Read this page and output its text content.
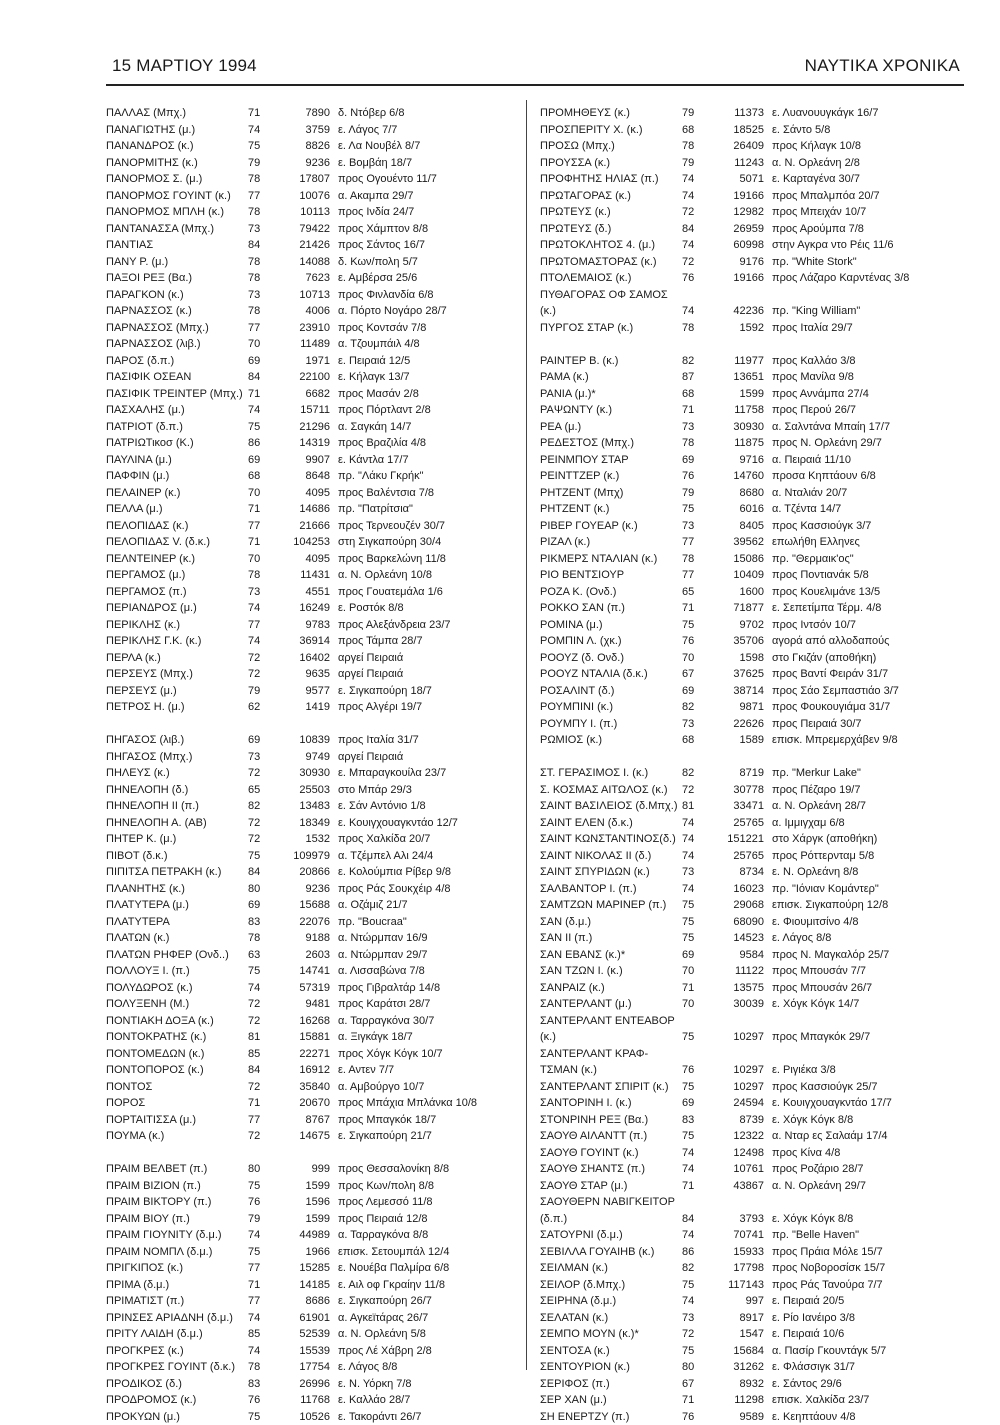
15 ΜΑΡΤΙΟΥ 1994	ΝΑΥΤΙΚΑ ΧΡΟΝΙΚΑ
ΠΑΛΛΑΣ (Μπχ.)	71	7890 δ. Ντόβερ 6/8
ΠΑΝΑΓΙΩΤΗΣ (μ.)	74	3759 ε. Λάγος 7/7
ΠΑΝΑΝΔΡΟΣ (κ.)	75	8826 ε. Λα Νουβέλ 8/7
ΠΑΝΟΡΜΙΤΗΣ (κ.)	79	9236 ε. Βομβάη 18/7
ΠΑΝΟΡΜΟΣ Σ. (μ.)	78	17807 προς Ογουέντο 11/7
ΠΑΝΟΡΜΟΣ ΓΟΥΙΝΤ (κ.) 77	10076 α. Ακαμπα 29/7
ΠΑΝΟΡΜΟΣ ΜΠΛΗ (κ.) 78	10113 προς Ινδία 24/7
ΠΑΝΤΑΝΑΣΣΑ (Μπχ.)	73	79422 προς Χάμπτον 8/8
ΠΑΝΤΙΑΣ	84	21426 προς Σάντος 16/7
ΠΑΝΥ Ρ. (μ.)	78	14088 δ. Κων/πολη 5/7
ΠΑΞΟΙ ΡΕΞ (Βα.)	78	7623 ε. Αμβέρσα 25/6
ΠΑΡΑΓΚΟΝ (κ.)	73	10713 προς Φινλανδία 6/8
ΠΑΡΝΑΣΣΟΣ (κ.)	78	4006 α. Πόρτο Νογάρο 28/7
ΠΑΡΝΑΣΣΟΣ (Μπχ.)	77	23910 προς Κοντσάν 7/8
ΠΑΡΝΑΣΣΟΣ (λιβ.)	70	11489 α. Τζουμπάιλ 4/8
ΠΑΡΟΣ (δ.π.)	69	1971 ε. Πειραιά 12/5
ΠΑΣΙΦΙΚ ΟΣΕΑΝ	84	22100 ε. Κήλαγκ 13/7
ΠΑΣΙΦΙΚ ΤΡΕΙΝΤΕΡ (Μπχ.) 71	6682 προς Μασάν 2/8
ΠΑΣΧΑΛΗΣ (μ.)	74	15711 προς Πόρτλαντ 2/8
ΠΑΤΡΙΟΤ (δ.π.)	75	21296 α. Σαγκάη 14/7
ΠΑΤΡΙΩΤικοσ (Κ.)	86	14319 προς Βραζιλία 4/8
ΠΑΥΛΙΝΑ (μ.)	69	9907 ε. Κάντλα 17/7
ΠΑΦΦΙΝ (μ.)	68	8648 πρ. "Λάκυ Γκρήκ"
ΠΕΛΑΙΝΕΡ (κ.)	70	4095 προς Βαλέντσια 7/8
ΠΕΛΛΑ (μ.)	71	14686 πρ. "Πατρίτσια"
ΠΕΛΟΠΙΔΑΣ (κ.)	77	21666 προς Τερνεουζέν 30/7
ΠΕΛΟΠΙΔΑΣ V. (δ.κ.)	71	104253 στη Σιγκαπούρη 30/4
ΠΕΛΝΤΕΙΝΕΡ (κ.)	70	4095 προς Βαρκελώνη 11/8
ΠΕΡΓΑΜΟΣ (μ.)	78	11431 α. Ν. Ορλεάνη 10/8
ΠΕΡΓΑΜΟΣ (π.)	73	4551 προς Γουατεμάλα 1/6
ΠΕΡΙΑΝΔΡΟΣ (μ.)	74	16249 ε. Ροστόκ 8/8
ΠΕΡΙΚΛΗΣ (κ.)	77	9783 προς Αλεξάνδρεια 23/7
ΠΕΡΙΚΛΗΣ Γ.Κ. (κ.)	74	36914 προς Τάμπα 28/7
ΠΕΡΛΑ (κ.)	72	16402 αργεί Πειραιά
ΠΕΡΣΕΥΣ (Μπχ.)	72	9635 αργεί Πειραιά
ΠΕΡΣΕΥΣ (μ.)	79	9577 ε. Σιγκαπούρη 18/7
ΠΕΤΡΟΣ Η. (μ.)	62	1419 προς Αλγέρι 19/7
ΠΗΓΑΣΟΣ (λιβ.)	69	10839 προς Ιταλία 31/7
ΠΗΓΑΣΟΣ (Μπχ.)	73	9749 αργεί Πειραιά
ΠΗΛΕΥΣ (κ.)	72	30930 ε. Μπαραγκουίλα 23/7
ΠΗΝΕΛΟΠΗ (δ.)	65	25503 στο Μπάρ 29/3
ΠΗΝΕΛΟΠΗ II (π.)	82	13483 ε. Σάν Αντόνιο 1/8
ΠΗΝΕΛΟΠΗ Α. (ΑΒ)	72	18349 ε. Κουιγχουαγκντάο 12/7
ΠΗΤΕΡ Κ. (μ.)	72	1532 προς Χαλκίδα 20/7
ΠΙΒΟΤ (δ.κ.)	75	109979 α. Τζέμπελ Αλι 24/4
ΠΙΠΙΤΣΑ ΠΕΤΡΑΚΗ (κ.) 84	20866 ε. Κολούμπια Ρίβερ 9/8
ΠΛΑΝΗΤΗΣ (κ.)	80	9236 προς Ράς Σουκχέιρ 4/8
ΠΛΑΤΥΤΕΡΑ (μ.)	69	15688 α. Οζάμιζ 21/7
ΠΛΑΤΥΤΕΡΑ	83	22076 πρ. "Boucraa"
ΠΛΑΤΩΝ (κ.)	78	9188 α. Ντώρμπαν 16/9
ΠΛΑΤΩΝ ΡΗΦΕΡ (Ονδ..) 63	2603 α. Ντώρμπαν 29/7
ΠΟΛΛΟΥΞ Ι. (π.)	75	14741 α. Λισσαβώνα 7/8
ΠΟΛΥΔΩΡΟΣ (κ.)	74	57319 προς Γιβραλτάρ 14/8
ΠΟΛΥΞΕΝΗ (Μ.)	72	9481 προς Καράτσι 28/7
ΠΟΝΤΙΑΚΗ ΔΟΞΑ (κ.)	72	16268 α. Ταρραγκόνα 30/7
ΠΟΝΤΟΚΡΑΤΗΣ (κ.)	81	15881 α. Ξιγκάγκ 18/7
ΠΟΝΤΟΜΕΔΩΝ (κ.)	85	22271 προς Χόγκ Κόγκ 10/7
ΠΟΝΤΟΠΟΡΟΣ (κ.)	84	16912 ε. Αντεν 7/7
ΠΟΝΤΟΣ	72	35840 α. Αμβούργο 10/7
ΠΟΡΟΣ	71	20670 προς Μπάχια Μπλάνκα 10/8
ΠΟΡΤΑΙΤΙΣΣΑ (μ.)	77	8767 προς Μπαγκόκ 18/7
ΠΟΥΜΑ (κ.)	72	14675 ε. Σιγκαπούρη 21/7
ΠΡΑΙΜ ΒΕΛΒΕΤ (π.)	80	999 προς Θεσσαλονίκη 8/8
ΠΡΑΙΜ ΒΙΖΙΟΝ (π.)	75	1599 προς Κων/πολη 8/8
ΠΡΑΙΜ ΒΙΚΤΟΡΥ (π.)	76	1596 προς Λεμεσσό 11/8
ΠΡΑΙΜ ΒΙΟΥ (π.)	79	1599 προς Πειραιά 12/8
ΠΡΑΙΜ ΓΙΟΥΝΙΤΥ (δ.μ.) 74	44989 α. Ταρραγκόνα 8/8
ΠΡΑΙΜ ΝΟΜΠΛ (δ.μ.)	75	1966 επισκ. Σετουμπάλ 12/4
ΠΡΙΓΚΙΠΟΣ (κ.)	77	15285 ε. Νουέβα Παλμίρα 6/8
ΠΡΙΜΑ (δ.μ.)	71	14185 ε. Αιλ οφ Γκραίην 11/8
ΠΡΙΜΑΤΙΣΤ (π.)	77	8686 ε. Σιγκαπούρη 26/7
ΠΡΙΝΣΕΣ ΑΡΙΑΔΝΗ (δ.μ.) 74	61901 α. Αγκεϊτάρας 26/7
ΠΡΙΤΥ ΛΑΙΔΗ (δ.μ.)	85	52539 α. Ν. Ορλεάνη 5/8
ΠΡΟΓΚΡΕΣ (κ.)	74	15539 προς Λέ Χάβρη 2/8
ΠΡΟΓΚΡΕΣ ΓΟΥΙΝΤ (δ.κ.) 78	17754 ε. Λάγος 8/8
ΠΡΟΔΙΚΟΣ (δ.)	83	26996 ε. Ν. Υόρκη 7/8
ΠΡΟΔΡΟΜΟΣ (κ.)	76	11768 ε. Καλλάο 28/7
ΠΡΟΚΥΩΝ (μ.)	75	10526 ε. Τακοράντι 26/7
ΠΡΟΜΗΘΕΥΣ (κ.)	79	11373 ε. Λυανουυγκάγκ 16/7
ΠΡΟΣΠΕΡΙΤΥ Χ. (κ.)	68	18525 ε. Σάντο 5/8
ΠΡΟΣΩ (Μπχ.)	78	26409 προς Κήλαγκ 10/8
ΠΡΟΥΣΣΑ (κ.)	79	11243 α. Ν. Ορλεάνη 2/8
ΠΡΟΦΗΤΗΣ ΗΛΙΑΣ (π.) 74	5071 ε. Καρταγένα 30/7
ΠΡΩΤΑΓΟΡΑΣ (κ.)	74	19166 προς Μπαλμπόα 20/7
ΠΡΩΤΕΥΣ (κ.)	72	12982 προς Μπειχάν 10/7
ΠΡΩΤΕΥΣ (δ.)	84	26959 προς Αρούμπα 7/8
ΠΡΩΤΟΚΛΗΤΟΣ 4. (μ.) 74	60998 στην Αγκρα ντο Ρέις 11/6
ΠΡΩΤΟΜΑΣΤΟΡΑΣ (κ.) 72	9176 πρ. "White Stork"
ΠΤΟΛΕΜΑΙΟΣ (κ.)	76	19166 προς Λάζαρο Καρντένας 3/8
ΠΥΘΑΓΟΡΑΣ ΟΦ ΣΑΜΟΣ
(κ.)	74	42236 πρ. "King William"
ΠΥΡΓΟΣ ΣΤΑΡ (κ.)	78	1592 προς Ιταλία 29/7
ΡΑΙΝΤΕΡ Β. (κ.)	82	11977 προς Καλλάο 3/8
ΡΑΜΑ (κ.)	87	13651 προς Μανίλα 9/8
ΡΑΝΙΑ (μ.)*	68	1599 προς Αννάμπα 27/4
ΡΑΨΩΝΤΥ (κ.)	71	11758 προς Περού 26/7
ΡΕΑ (μ.)	73	30930 α. Σαλντάνα Μπαίη 17/7
ΡΕΔΕΣΤΟΣ (Μπχ.)	78	11875 προς Ν. Ορλεάνη 29/7
ΡΕΙΝΜΠΟΥ ΣΤΑΡ	69	9716 α. Πειραιά 11/10
ΡΕΙΝΤΤΖΕΡ (κ.)	76	14760 προσα Κηπτάουν 6/8
ΡΗΤΖΕΝΤ (Μπχ)	79	8680 α. Νταλιάν 20/7
ΡΗΤΖΕΝΤ (κ.)	75	6016 α. Τζέντα 14/7
ΡΙΒΕΡ ΓΟΥΕΑΡ (κ.)	73	8405 προς Κασσιούγκ 3/7
ΡΙΖΑΛ (κ.)	77	39562 επωλήθη Ελληνες
ΡΙΚΜΕΡΣ ΝΤΑΛΙΑΝ (κ.) 78	15086 πρ. "Θερμαικ'ος"
ΡΙΟ ΒΕΝΤΣΙΟΥΡ	77	10409 προς Ποντιανάκ 5/8
ΡΟΖΑ Κ. (Ονδ.)	65	1600 προς Κουελιμάνε 13/5
ΡΟΚΚΟ ΣΑΝ (π.)	71	71877 ε. Σεπετίμπα Τέρμ. 4/8
ΡΟΜΙΝΑ (μ.)	75	9702 προς Ιντσόν 10/7
ΡΟΜΠΙΝ Λ. (χκ.)	76	35706 αγορά από αλλοδαπούς
ΡΟΟΥΖ (δ. Ονδ.)	70	1598 στο Γκιζάν (αποθήκη)
ΡΟΟΥΖ ΝΤΑΛΙΑ (δ.κ.)	67	37625 προς Βαντί Φειράν 31/7
ΡΟΣΑΛΙΝΤ (δ.)	69	38714 προς Σάο Σεμπαστιάο 3/7
ΡΟΥΜΠΙΝΙ (κ.)	82	9871 προς Φουκουγιάμα 31/7
ΡΟΥΜΠΥ Ι. (π.)	73	22626 προς Πειραιά 30/7
ΡΩΜΙΟΣ (κ.)	68	1589 επισκ. Μπρεμερχάβεν 9/8
ΣΤ. ΓΕΡΑΣΙΜΟΣ Ι. (κ.)	82	8719 πρ. "Merkur Lake"
Σ. ΚΟΣΜΑΣ ΑΙΤΩΛΟΣ (κ.) 72	30778 προς Πέζαρο 19/7
ΣΑΙΝΤ ΒΑΣΙΛΕΙΟΣ (δ.Μπχ.) 81	33471 α. Ν. Ορλεάνη 28/7
ΣΑΙΝΤ ΕΛΕΝ (δ.κ.)	74	25765 α. Ιμμιγχαμ 6/8
ΣΑΙΝΤ ΚΩΝΣΤΑΝΤΙΝΟΣ(δ.) 74	151221 στο Χάργκ (αποθήκη)
ΣΑΙΝΤ ΝΙΚΟΛΑΣ II (δ.)	74	25765 προς Ρόττερνταμ 5/8
ΣΑΙΝΤ ΣΠΥΡΙΔΩΝ (κ.)	73	8734 ε. Ν. Ορλεάνη 8/8
ΣΑΛΒΑΝΤΟΡ Ι. (π.)	74	16023 πρ. "Ιόνιαν Κομάντερ"
ΣΑΜΤΖΩΝ ΜΑΡΙΝΕΡ (π.) 75	29068 επισκ. Σιγκαπούρη 12/8
ΣΑΝ (δ.μ.)	75	68090 ε. Φιουμιτσίνο 4/8
ΣΑΝ II (π.)	75	14523 ε. Λάγος 8/8
ΣΑΝ ΕΒΑΝΣ (κ.)*	69	9584 προς Ν. Μαγκαλόρ 25/7
ΣΑΝ ΤΖΩΝ Ι. (κ.)	70	11122 προς Μπουσάν 7/7
ΣΑΝΡΑΙΖ (κ.)	71	13575 προς Μπουσάν 26/7
ΣΑΝΤΕΡΛΑΝΤ (μ.)	70	30039 ε. Χόγκ Κόγκ 14/7
ΣΑΝΤΕΡΛΑΝΤ ΕΝΤΕΑΒΟΡ
(κ.)	75	10297 προς Μπαγκόκ 29/7
ΣΑΝΤΕΡΛΑΝΤ ΚΡΑΦ-
ΤΣΜΑΝ (κ.)	76	10297 ε. Ριγιέκα 3/8
ΣΑΝΤΕΡΛΑΝΤ ΣΠΙΡΙΤ (κ.) 75	10297 προς Κασσιούγκ 25/7
ΣΑΝΤΟΡΙΝΗ Ι. (κ.)	69	24594 ε. Κουιγχουαγκντάο 17/7
ΣΤΟΝΡΙΝΗ ΡΕΞ (Βα.)	83	8739 ε. Χόγκ Κόγκ 8/8
ΣΑΟΥΘ ΑΙΛΑΝΤΤ (π.)	75	12322 α. Νταρ ες Σαλαάμ 17/4
ΣΑΟΥΘ ΓΟΥΙΝΤ (κ.)	74	12498 προς Κίνα 4/8
ΣΑΟΥΘ ΣΗΑΝΤΣ (π.)	74	10761 προς Ροζάριο 28/7
ΣΑΟΥΘ ΣΤΑΡ (μ.)	71	43867 α. Ν. Ορλεάνη 29/7
ΣΑΟΥΘΕΡΝ ΝΑΒΙΓΚΕΙΤΟΡ
(δ.π.)	84	3793 ε. Χόγκ Κόγκ 8/8
ΣΑΤΟΥΡΝΙ (δ.μ.)	74	70741 πρ. "Belle Haven"
ΣΕΒΙΛΛΑ ΓΟΥΑΙΗΒ (κ.)	86	15933 προς Πράια Μόλε 15/7
ΣΕΙΛΜΑΝ (κ.)	82	17798 προς Νοβοροσίσκ 15/7
ΣΕΙΛΟΡ (δ.Μπχ.)	75	117143 προς Ράς Τανούρα 7/7
ΣΕΙΡΗΝΑ (δ.μ.)	74	997 ε. Πειραιά 20/5
ΣΕΛΑΤΑΝ (κ.)	73	8917 ε. Ρίο Ιανέιρο 3/8
ΣΕΜΠΟ ΜΟΥΝ (κ.)*	72	1547 ε. Πειραιά 10/6
ΣΕΝΤΟΣΑ (κ.)	75	15684 α. Πασίρ Γκουντάγκ 5/7
ΣΕΝΤΟΥΡΙΟΝ (κ.)	80	31262 ε. Φλάσσιγκ 31/7
ΣΕΡΙΦΟΣ (π.)	67	8932 ε. Σάντος 29/6
ΣΕΡ ΧΑΝ (μ.)	71	11298 επισκ. Χαλκίδα 23/7
ΣΗ ΕΝΕΡΤΖΥ (π.)	76	9589 ε. Κεηπτάουν 4/8
